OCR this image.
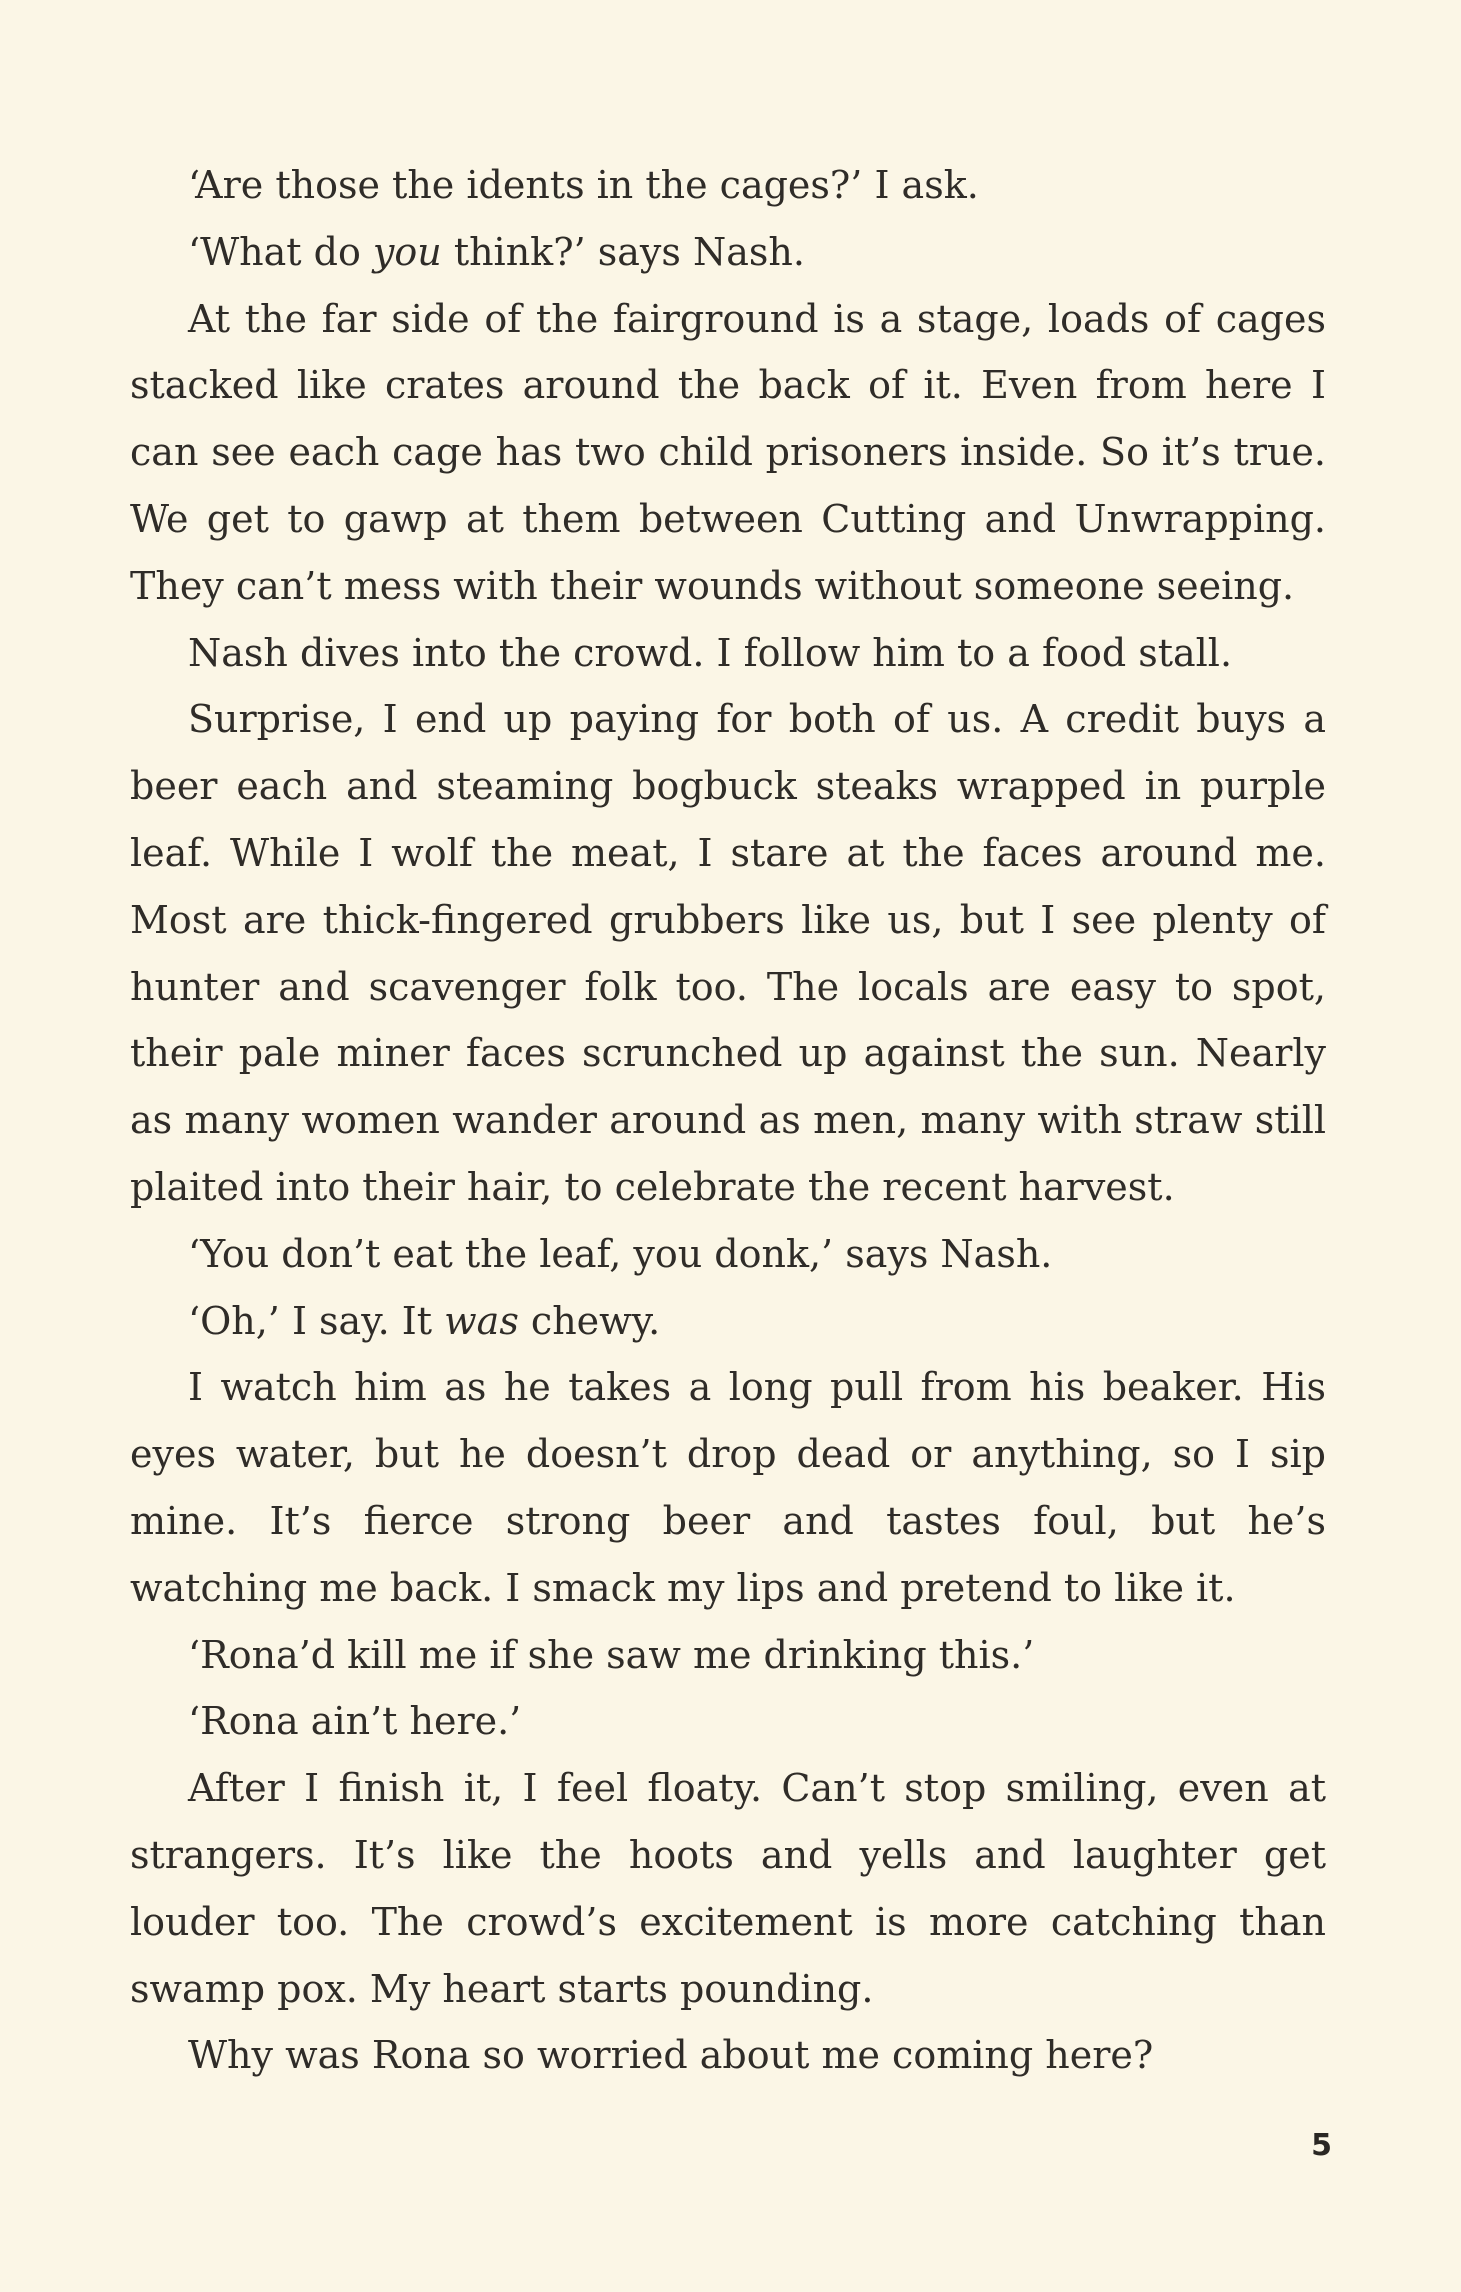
‘Are those the idents in the cages?’ I ask.

‘What do you think?’ says Nash.

At the far side of the fairground is a stage, loads of cages stacked like crates around the back of it. Even from here I can see each cage has two child prisoners inside. So it’s true. We get to gawp at them between Cutting and Unwrapping. They can’t mess with their wounds without someone seeing.

Nash dives into the crowd. I follow him to a food stall.

Surprise, I end up paying for both of us. A credit buys a beer each and steaming bogbuck steaks wrapped in purple leaf. While I wolf the meat, I stare at the faces around me. Most are thick-fingered grubbers like us, but I see plenty of hunter and scavenger folk too. The locals are easy to spot, their pale miner faces scrunched up against the sun. Nearly as many women wander around as men, many with straw still plaited into their hair, to celebrate the recent harvest.

‘You don’t eat the leaf, you donk,’ says Nash.

‘Oh,’ I say. It was chewy.

I watch him as he takes a long pull from his beaker. His eyes water, but he doesn’t drop dead or anything, so I sip mine. It’s fierce strong beer and tastes foul, but he’s watching me back. I smack my lips and pretend to like it.

‘Rona’d kill me if she saw me drinking this.’

‘Rona ain’t here.’

After I finish it, I feel floaty. Can’t stop smiling, even at strangers. It’s like the hoots and yells and laughter get louder too. The crowd’s excitement is more catching than swamp pox. My heart starts pounding.

Why was Rona so worried about me coming here?

5
